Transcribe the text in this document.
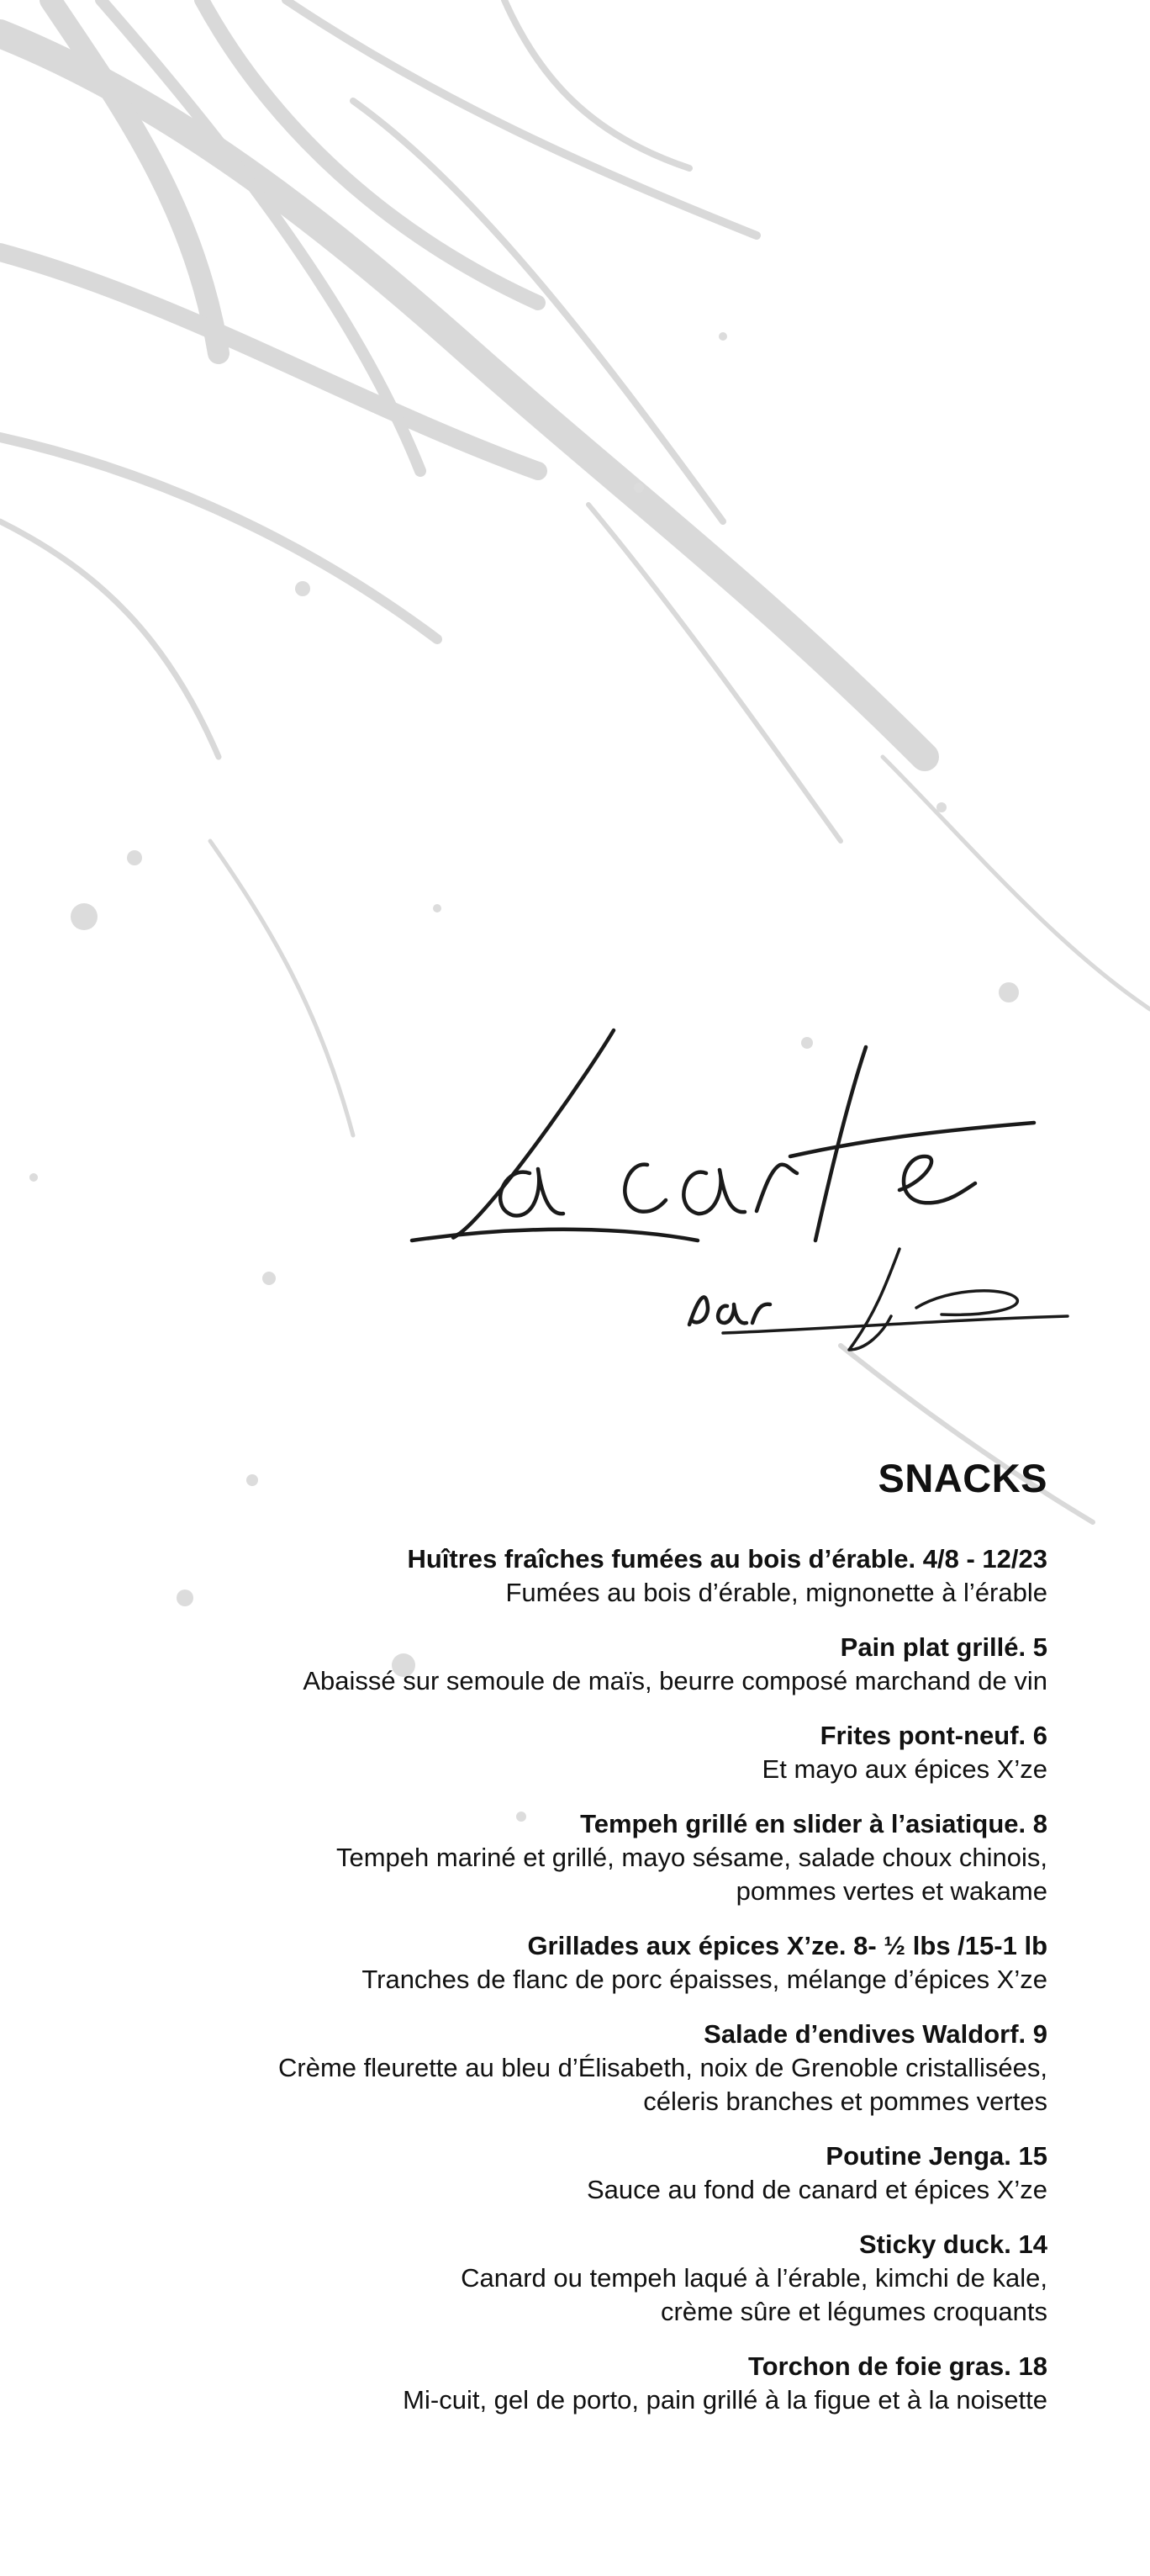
SNACKS
Huîtres fraîches fumées au bois d’érable. 4/8 - 12/23
Fumées au bois d’érable, mignonette à l’érable
Pain plat grillé. 5
Abaissé sur semoule de maïs, beurre composé marchand de vin
Frites pont-neuf. 6
Et mayo aux épices X’ze
Tempeh grillé en slider à l’asiatique. 8
Tempeh mariné et grillé, mayo sésame, salade choux chinois,
pommes vertes et wakame
Grillades aux épices X’ze. 8- ½ lbs /15-1 lb
Tranches de flanc de porc épaisses, mélange d’épices X’ze
Salade d’endives Waldorf. 9
Crème fleurette au bleu d’Élisabeth, noix de Grenoble cristallisées,
céleris branches et pommes vertes
Poutine Jenga. 15
Sauce au fond de canard et épices X’ze
Sticky duck. 14
Canard ou tempeh laqué à l’érable, kimchi de kale,
crème sûre et légumes croquants
Torchon de foie gras. 18
Mi-cuit, gel de porto, pain grillé à la figue et à la noisette
